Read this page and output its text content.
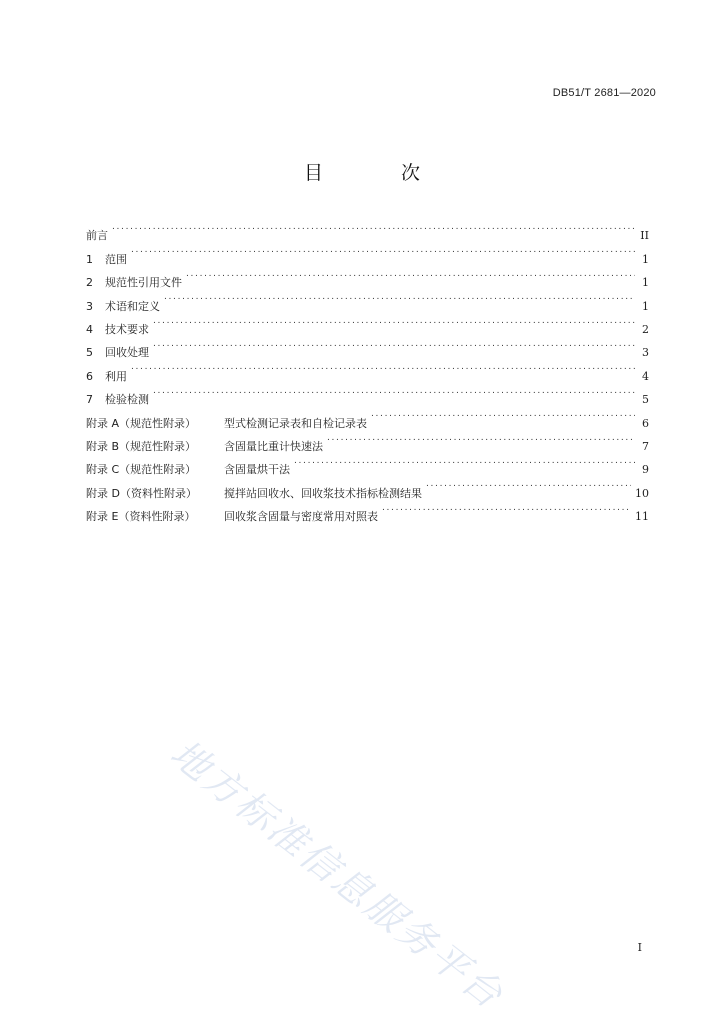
DB51/T 2681—2020
目 次
前言 . . .	II
1	范围 . . .	1
2	规范性引用文件 . . .	1
3	术语和定义 . . .	1
4	技术要求 . . .	2
5	回收处理 . . .	3
6	利用 . . .	4
7	检验检测 . . .	5
附录 A（规范性附录）	型式检测记录表和自检记录表 . . .	6
附录 B（规范性附录）	含固量比重计快速法 . . .	7
附录 C（规范性附录）	含固量烘干法 . . .	9
附录 D（资料性附录）	搅拌站回收水、回收浆技术指标检测结果 . . .	10
附录 E（资料性附录）	回收浆含固量与密度常用对照表 . . .	11
地方标准信息服务平台	I
